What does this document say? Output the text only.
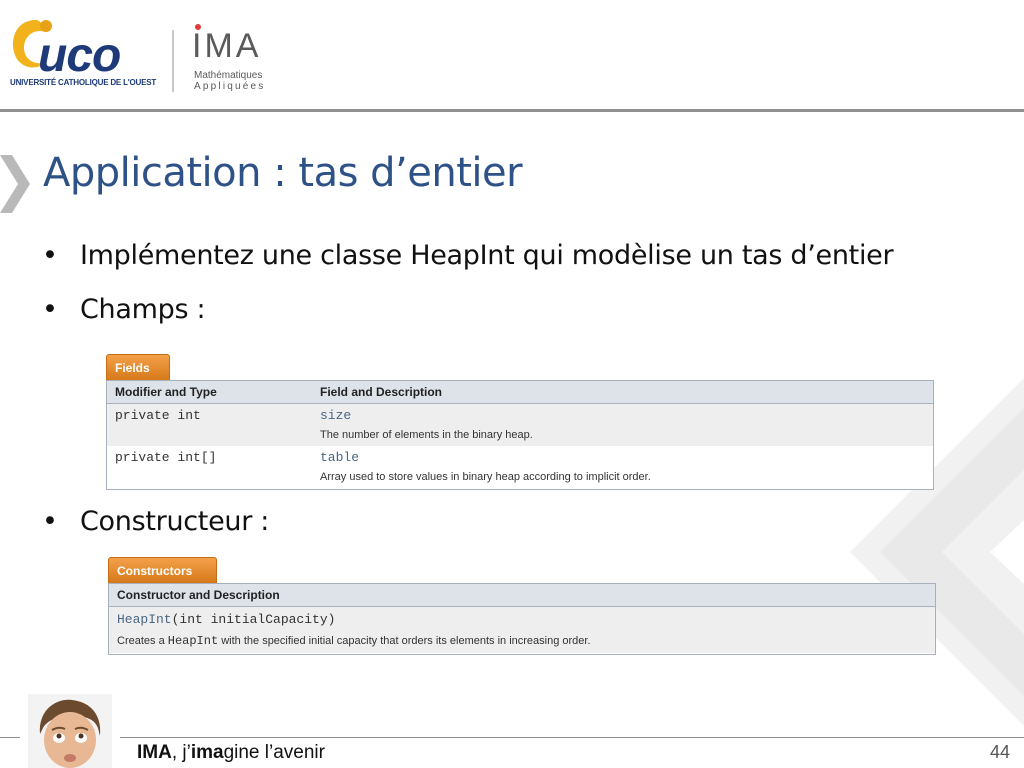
uco
UNIVERSITÉ CATHOLIQUE DE L'OUEST
IMA
Mathématiques
Appliquées
Application : tas d’entier
• Implémentez une classe HeapInt qui modèlise un tas d’entier
• Champs :
• Constructeur :
Fields
Modifier and Type	Field and Description
private int	size
The number of elements in the binary heap.
private int[]	table
Array used to store values in binary heap according to implicit order.
Constructors
Constructor and Description
HeapInt(int initialCapacity)
Creates a HeapInt with the specified initial capacity that orders its elements in increasing order.
IMA, j’imagine l’avenir	44
